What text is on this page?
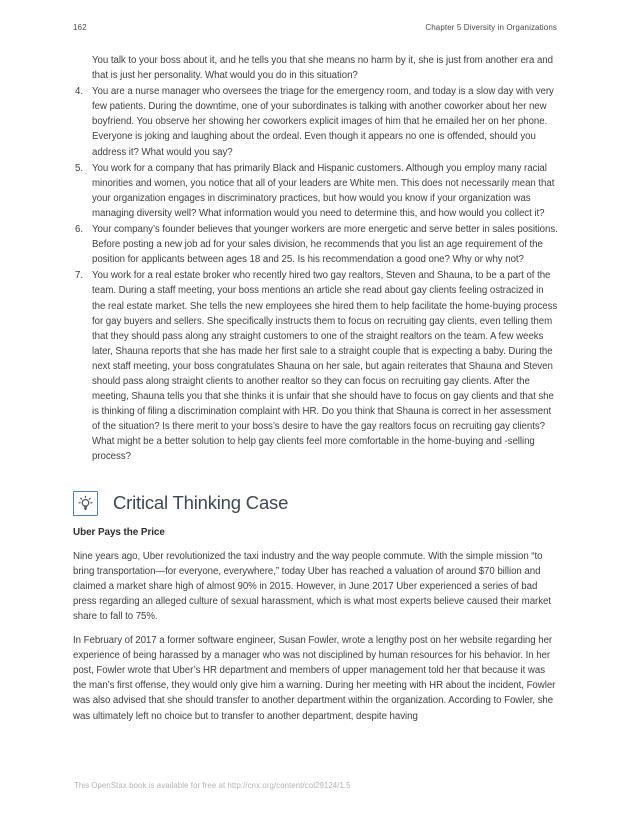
162	Chapter 5 Diversity in Organizations

You talk to your boss about it, and he tells you that she means no harm by it, she is just from another era and that is just her personality. What would you do in this situation?

4. You are a nurse manager who oversees the triage for the emergency room, and today is a slow day with very few patients. During the downtime, one of your subordinates is talking with another coworker about her new boyfriend. You observe her showing her coworkers explicit images of him that he emailed her on her phone. Everyone is joking and laughing about the ordeal. Even though it appears no one is offended, should you address it? What would you say?
5. You work for a company that has primarily Black and Hispanic customers. Although you employ many racial minorities and women, you notice that all of your leaders are White men. This does not necessarily mean that your organization engages in discriminatory practices, but how would you know if your organization was managing diversity well? What information would you need to determine this, and how would you collect it?
6. Your company’s founder believes that younger workers are more energetic and serve better in sales positions. Before posting a new job ad for your sales division, he recommends that you list an age requirement of the position for applicants between ages 18 and 25. Is his recommendation a good one? Why or why not?
7. You work for a real estate broker who recently hired two gay realtors, Steven and Shauna, to be a part of the team. During a staff meeting, your boss mentions an article she read about gay clients feeling ostracized in the real estate market. She tells the new employees she hired them to help facilitate the home-buying process for gay buyers and sellers. She specifically instructs them to focus on recruiting gay clients, even telling them that they should pass along any straight customers to one of the straight realtors on the team. A few weeks later, Shauna reports that she has made her first sale to a straight couple that is expecting a baby. During the next staff meeting, your boss congratulates Shauna on her sale, but again reiterates that Shauna and Steven should pass along straight clients to another realtor so they can focus on recruiting gay clients. After the meeting, Shauna tells you that she thinks it is unfair that she should have to focus on gay clients and that she is thinking of filing a discrimination complaint with HR. Do you think that Shauna is correct in her assessment of the situation? Is there merit to your boss’s desire to have the gay realtors focus on recruiting gay clients? What might be a better solution to help gay clients feel more comfortable in the home-buying and -selling process?
Critical Thinking Case
Uber Pays the Price

Nine years ago, Uber revolutionized the taxi industry and the way people commute. With the simple mission “to bring transportation—for everyone, everywhere,” today Uber has reached a valuation of around $70 billion and claimed a market share high of almost 90% in 2015. However, in June 2017 Uber experienced a series of bad press regarding an alleged culture of sexual harassment, which is what most experts believe caused their market share to fall to 75%.

In February of 2017 a former software engineer, Susan Fowler, wrote a lengthy post on her website regarding her experience of being harassed by a manager who was not disciplined by human resources for his behavior. In her post, Fowler wrote that Uber’s HR department and members of upper management told her that because it was the man’s first offense, they would only give him a warning. During her meeting with HR about the incident, Fowler was also advised that she should transfer to another department within the organization. According to Fowler, she was ultimately left no choice but to transfer to another department, despite having

This OpenStax book is available for free at http://cnx.org/content/col29124/1.5
